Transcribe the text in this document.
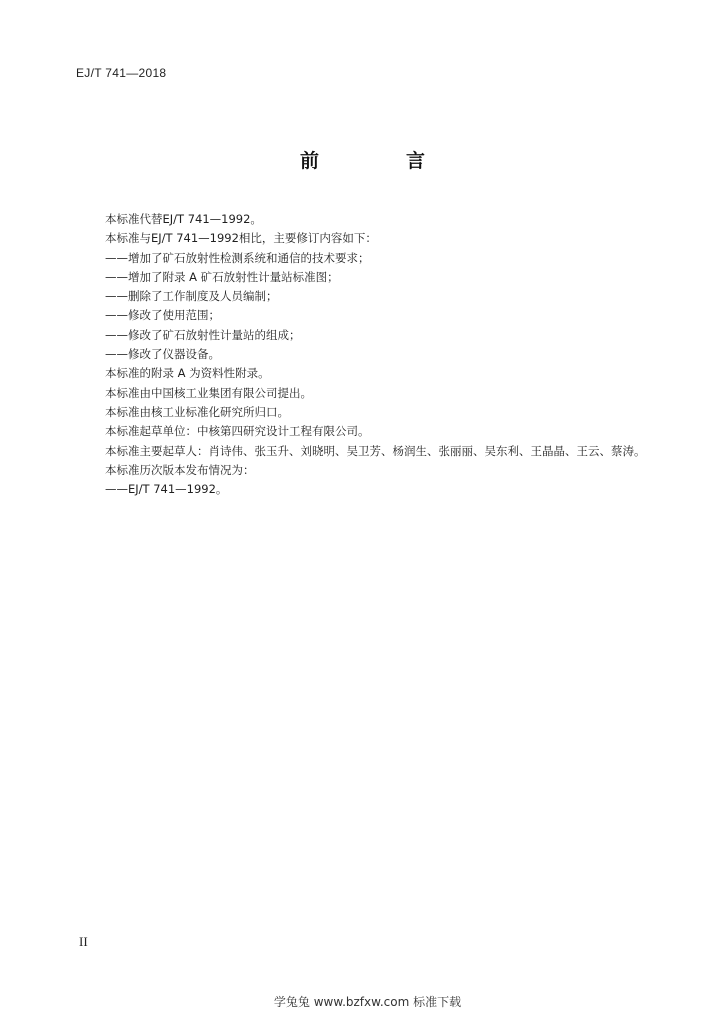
EJ/T 741—2018
前　言

本标准代替EJ/T 741—1992。

本标准与EJ/T 741—1992相比，主要修订内容如下：

——增加了矿石放射性检测系统和通信的技术要求；

——增加了附录 A 矿石放射性计量站标准图；

——删除了工作制度及人员编制；

——修改了使用范围；

——修改了矿石放射性计量站的组成；

——修改了仪器设备。

本标准的附录 A 为资料性附录。

本标准由中国核工业集团有限公司提出。

本标准由核工业标准化研究所归口。

本标准起草单位：中核第四研究设计工程有限公司。

本标准主要起草人：肖诗伟、张玉升、刘晓明、吴卫芳、杨润生、张丽丽、吴东利、王晶晶、王云、蔡涛。

本标准历次版本发布情况为：

——EJ/T 741—1992。

II
学兔兔 www.bzfxw.com 标准下载
